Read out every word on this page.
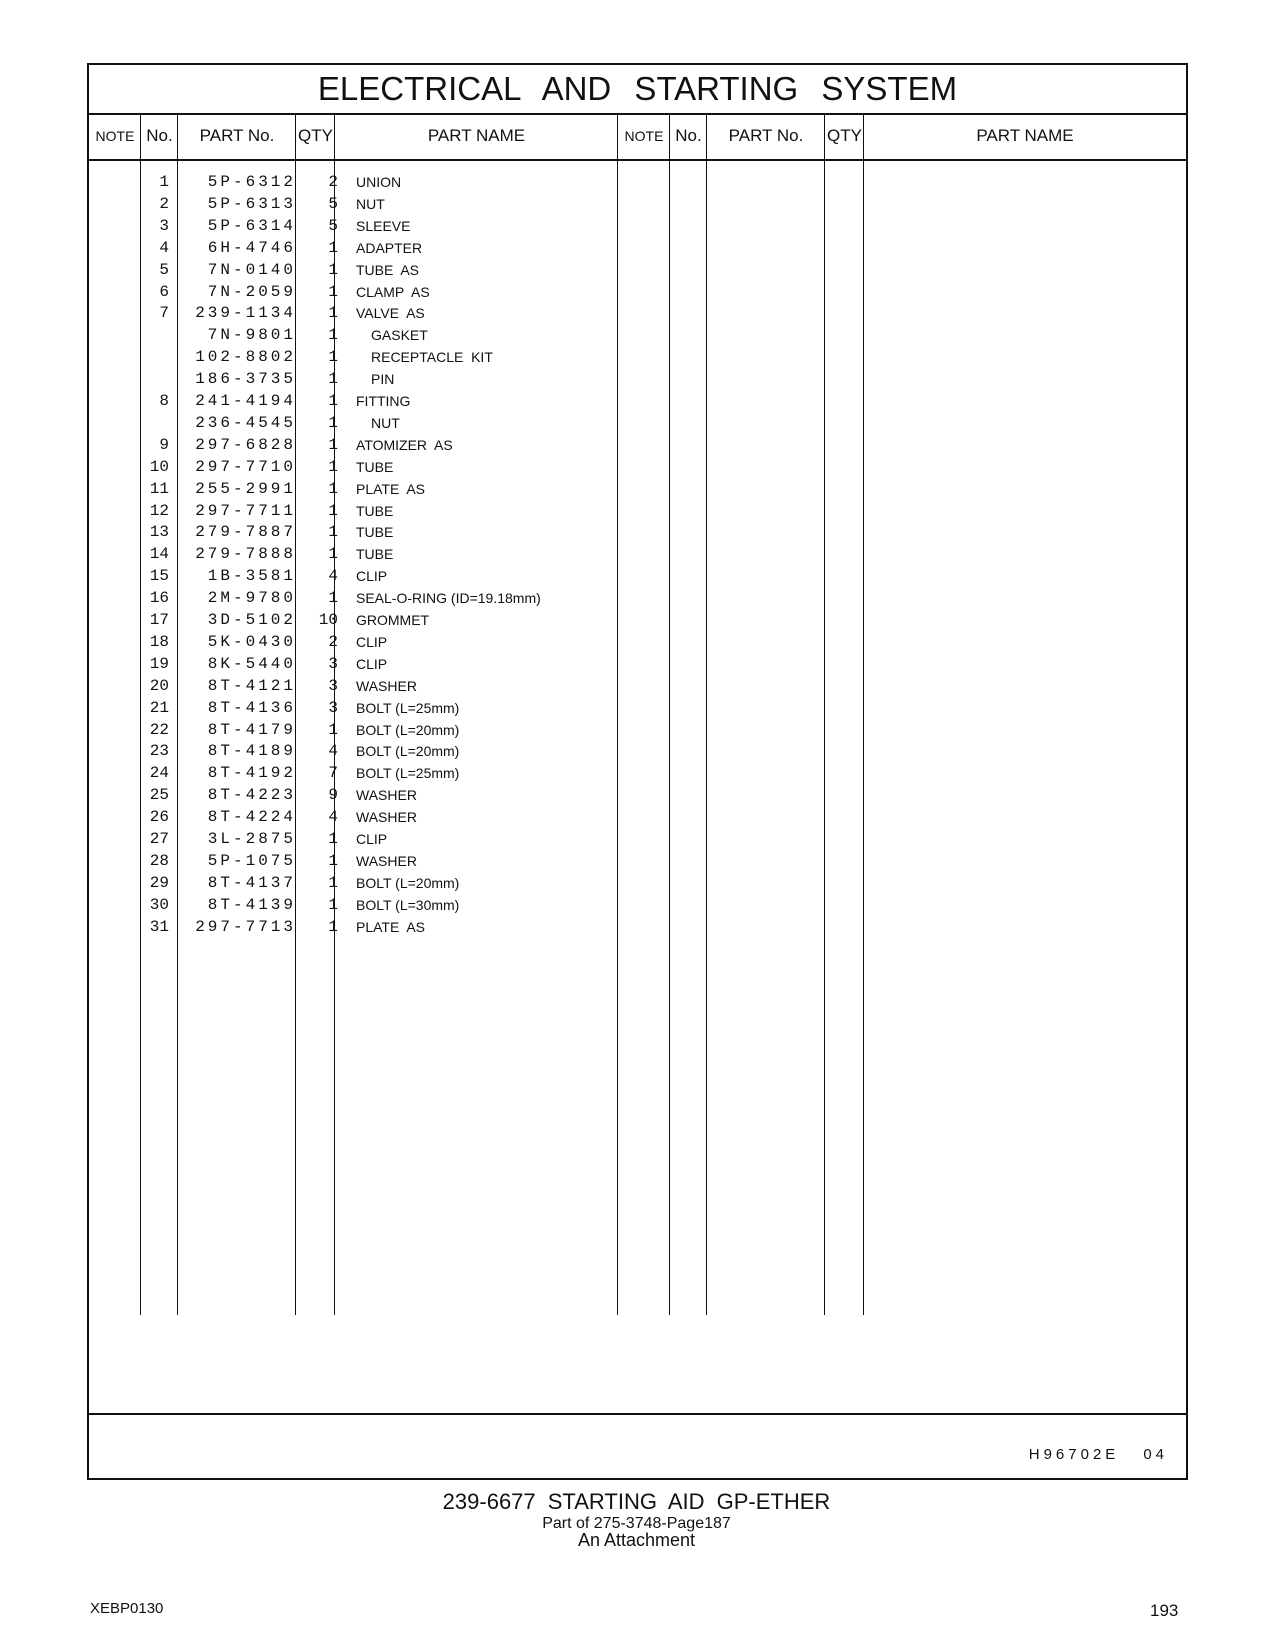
ELECTRICAL AND STARTING SYSTEM
NOTE No.	PART No.	QTY	PART NAME	NOTE No.	PART No.	QTY	PART NAME
1	5P-6312	2 UNION
2	5P-6313	5 NUT
3	5P-6314	5 SLEEVE
4	6H-4746	1 ADAPTER
5	7N-0140	1 TUBE  AS
6	7N-2059	1 CLAMP  AS
7	239-1134	1 VALVE  AS
7N-9801	1 GASKET
102-8802	1 RECEPTACLE  KIT
186-3735	1 PIN
8	241-4194	1 FITTING
236-4545	1 NUT
9	297-6828	1 ATOMIZER  AS
10	297-7710	1 TUBE
11	255-2991	1 PLATE  AS
12	297-7711	1 TUBE
13	279-7887	1 TUBE
14	279-7888	1 TUBE
15	1B-3581	4 CLIP
16	2M-9780	1 SEAL-O-RING (ID=19.18mm)
17	3D-5102	10 GROMMET
18	5K-0430	2 CLIP
19	8K-5440	3 CLIP
20	8T-4121	3 WASHER
21	8T-4136	3 BOLT (L=25mm)
22	8T-4179	1 BOLT (L=20mm)
23	8T-4189	4 BOLT (L=20mm)
24	8T-4192	7 BOLT (L=25mm)
25	8T-4223	9 WASHER
26	8T-4224	4 WASHER
27	3L-2875	1 CLIP
28	5P-1075	1 WASHER
29	8T-4137	1 BOLT (L=20mm)
30	8T-4139	1 BOLT (L=30mm)
31	297-7713	1 PLATE  AS
H96702E 04
239-6677 STARTING AID GP-ETHER
Part of 275-3748-Page187
An Attachment
XEBP0130	193
